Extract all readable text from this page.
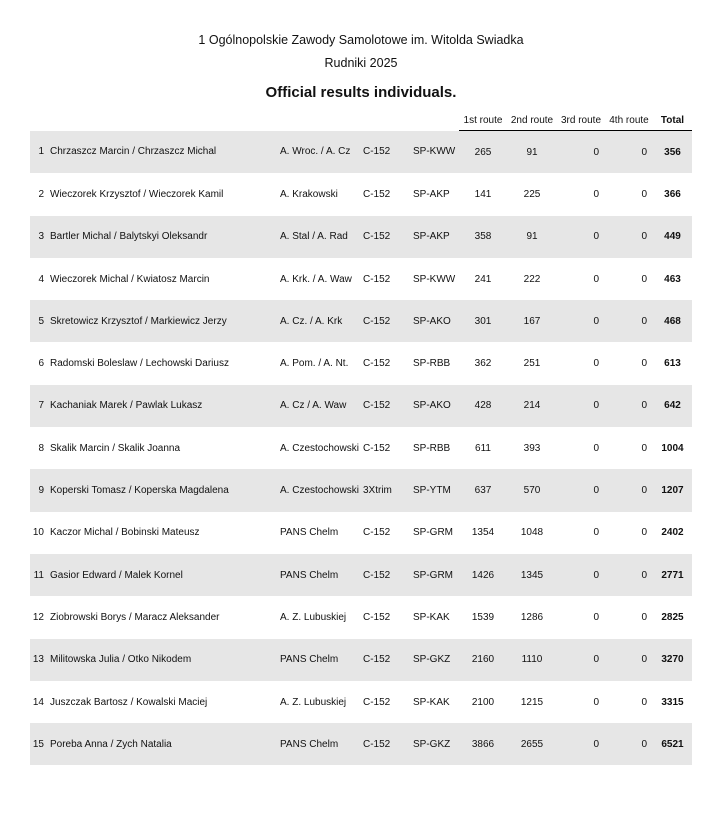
1 Ogólnopolskie Zawody Samolotowe im. Witolda Swiadka
Rudniki 2025
Official results individuals.
					1st route	2nd route	3rd route	4th route	Total
1	Chrzaszcz Marcin / Chrzaszcz Michal	A. Wroc. / A. Cz	C-152	SP-KWW	265	91	0	0	356
2	Wieczorek Krzysztof / Wieczorek Kamil	A. Krakowski	C-152	SP-AKP	141	225	0	0	366
3	Bartler Michal / Balytskyi Oleksandr	A. Stal / A. Rad	C-152	SP-AKP	358	91	0	0	449
4	Wieczorek Michal / Kwiatosz Marcin	A. Krk. / A. Waw	C-152	SP-KWW	241	222	0	0	463
5	Skretowicz Krzysztof / Markiewicz Jerzy	A. Cz. / A. Krk	C-152	SP-AKO	301	167	0	0	468
6	Radomski Boleslaw / Lechowski Dariusz	A. Pom. / A. Nt.	C-152	SP-RBB	362	251	0	0	613
7	Kachaniak Marek / Pawlak Lukasz	A. Cz / A. Waw	C-152	SP-AKO	428	214	0	0	642
8	Skalik Marcin / Skalik Joanna	A. Czestochowski	C-152	SP-RBB	611	393	0	0	1004
9	Koperski Tomasz / Koperska Magdalena	A. Czestochowski	3Xtrim	SP-YTM	637	570	0	0	1207
10	Kaczor Michal / Bobinski Mateusz	PANS Chelm	C-152	SP-GRM	1354	1048	0	0	2402
11	Gasior Edward / Malek Kornel	PANS Chelm	C-152	SP-GRM	1426	1345	0	0	2771
12	Ziobrowski Borys / Maracz Aleksander	A. Z. Lubuskiej	C-152	SP-KAK	1539	1286	0	0	2825
13	Militowska Julia / Otko Nikodem	PANS Chelm	C-152	SP-GKZ	2160	1110	0	0	3270
14	Juszczak Bartosz / Kowalski Maciej	A. Z. Lubuskiej	C-152	SP-KAK	2100	1215	0	0	3315
15	Poreba Anna / Zych Natalia	PANS Chelm	C-152	SP-GKZ	3866	2655	0	0	6521
